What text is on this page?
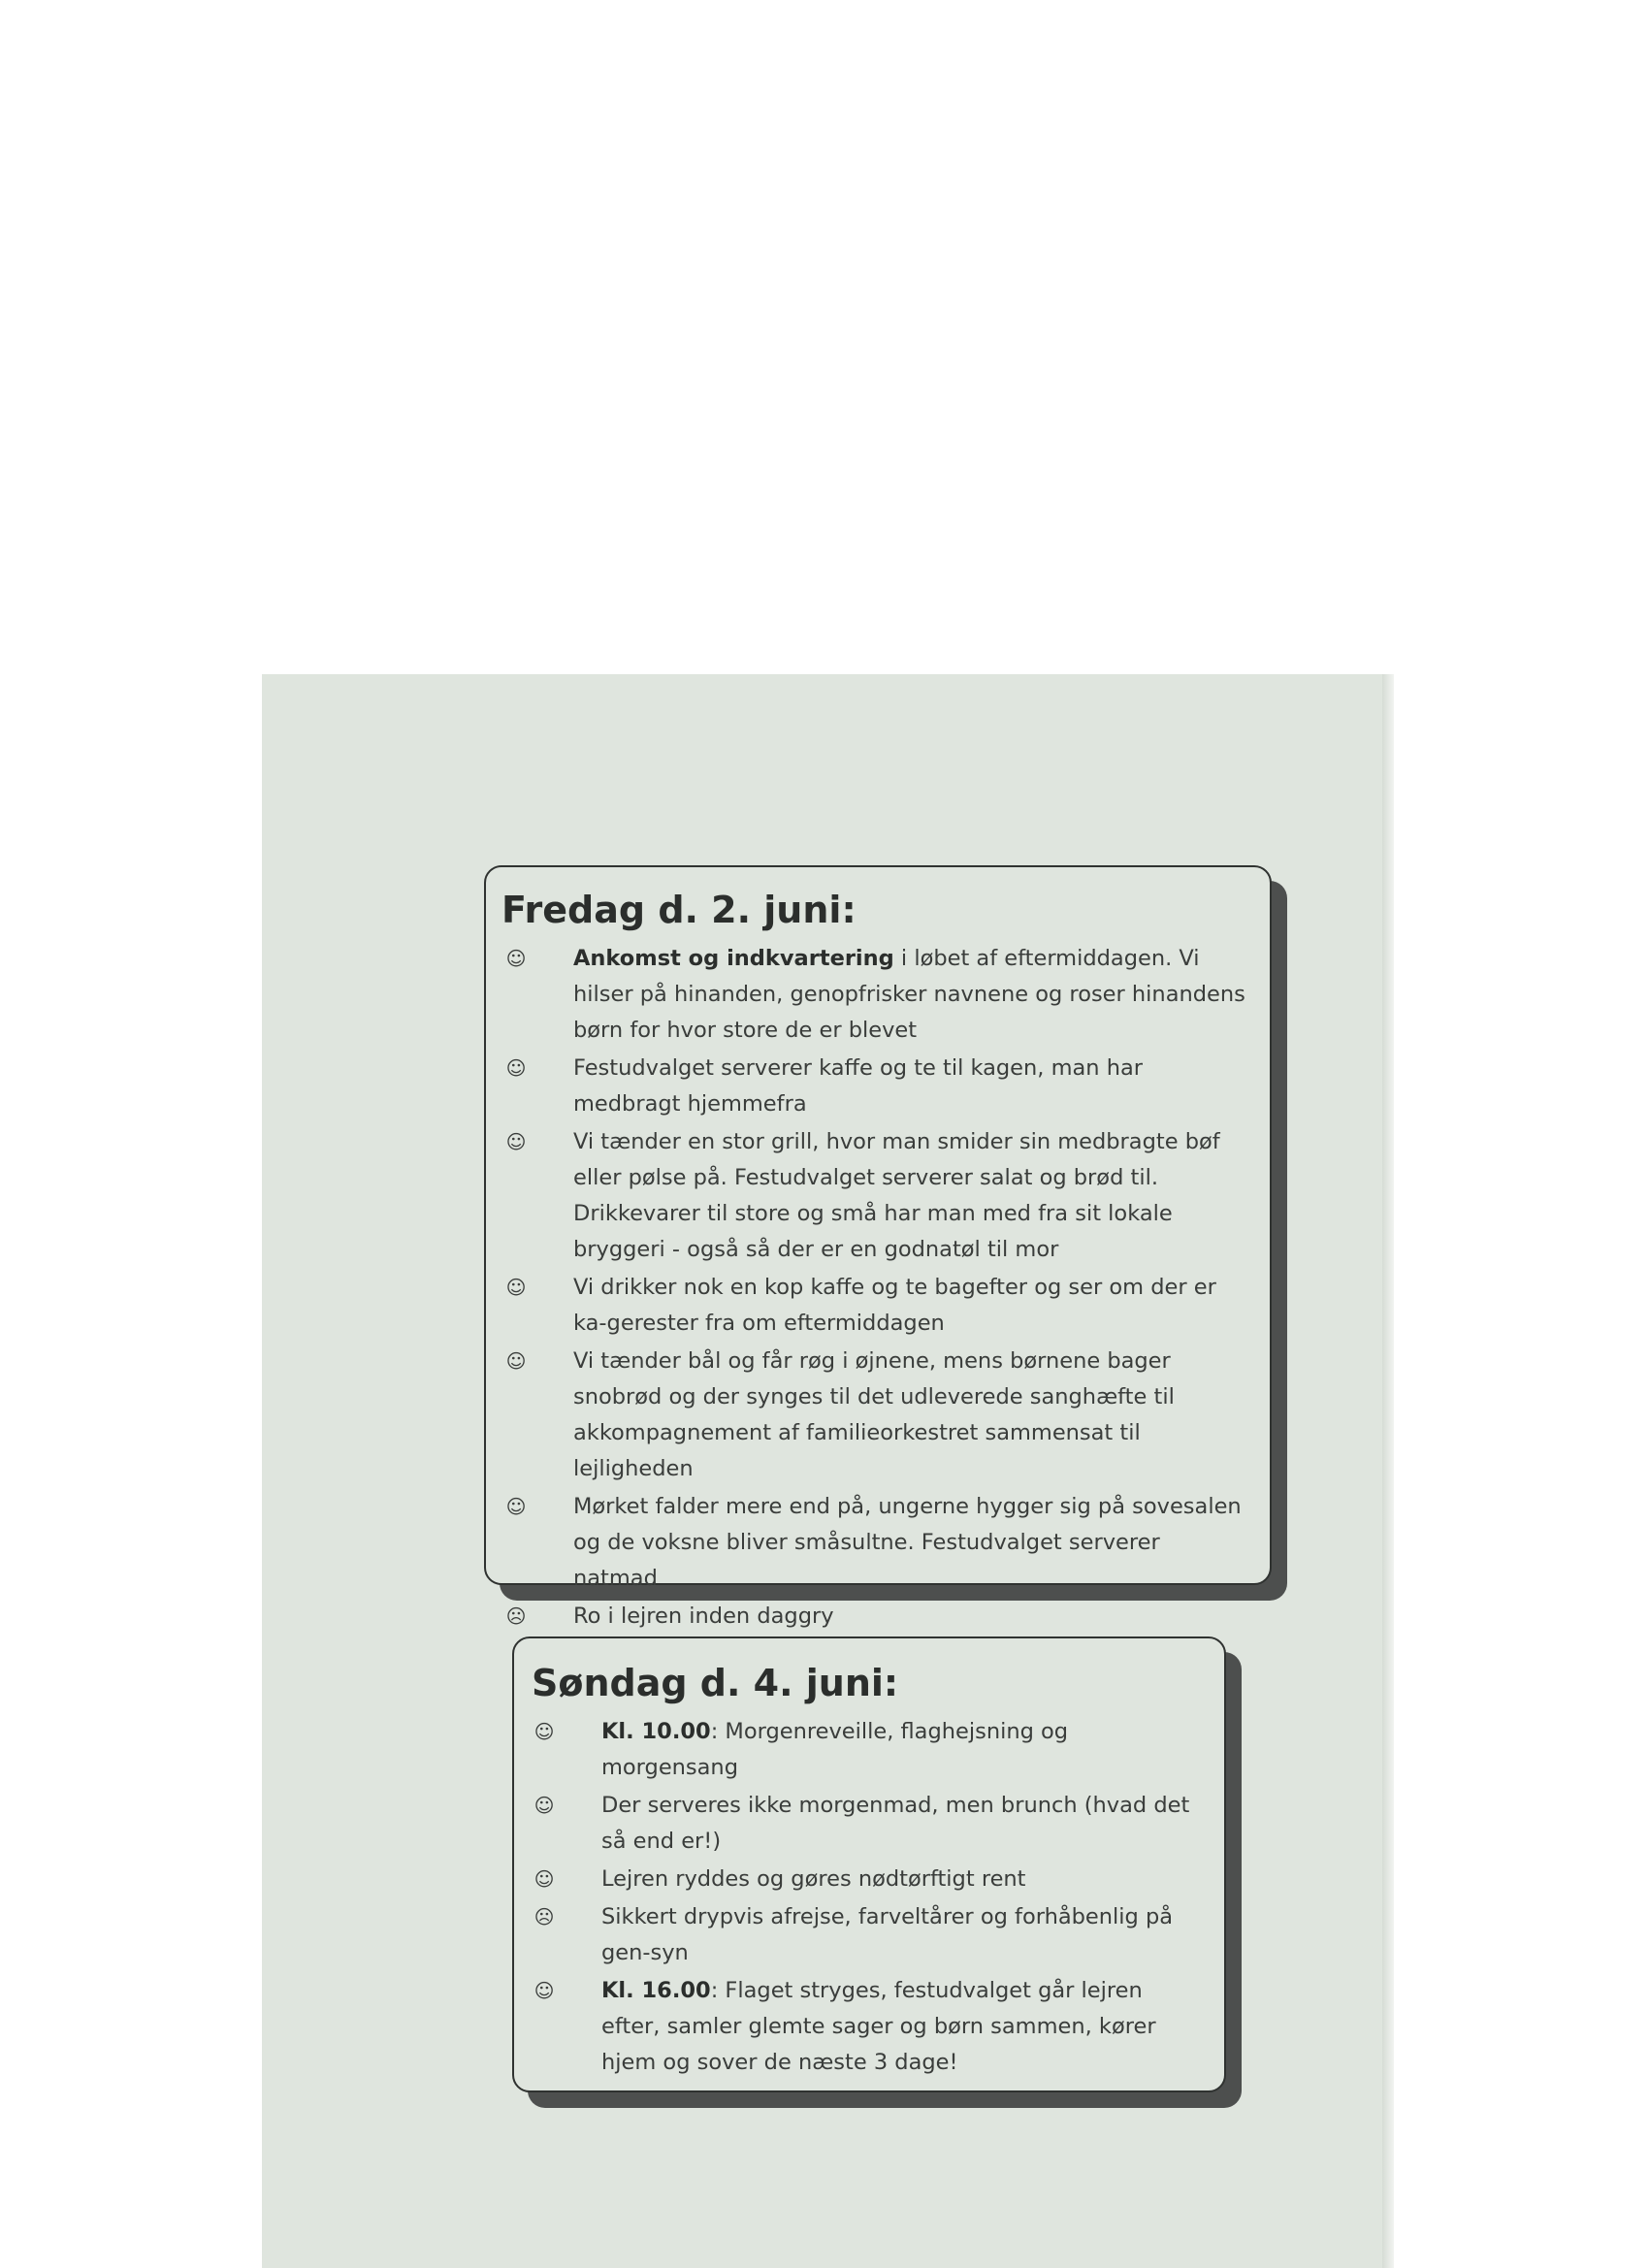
Fredag d. 2. juni:
☺ Ankomst og indkvartering i løbet af eftermiddagen. Vi hilser på hinanden, genopfrisker navnene og roser hinandens børn for hvor store de er blevet
☺ Festudvalget serverer kaffe og te til kagen, man har medbragt hjemmefra
☺ Vi tænder en stor grill, hvor man smider sin medbragte bøf eller pølse på. Festudvalget serverer salat og brød til. Drikkevarer til store og små har man med fra sit lokale bryggeri - også så der er en godnatøl til mor
☺ Vi drikker nok en kop kaffe og te bagefter og ser om der er ka-gerester fra om eftermiddagen
☺ Vi tænder bål og får røg i øjnene, mens børnene bager snobrød og der synges til det udleverede sanghæfte til akkompagnement af familieorkestret sammensat til lejligheden
☺ Mørket falder mere end på, ungerne hygger sig på sovesalen og de voksne bliver småsultne. Festudvalget serverer natmad
☹ Ro i lejren inden daggry
Søndag d. 4. juni:
☺ Kl. 10.00: Morgenreveille, flaghejsning og morgensang
☺ Der serveres ikke morgenmad, men brunch (hvad det så end er!)
☺ Lejren ryddes og gøres nødtørftigt rent
☹ Sikkert drypvis afrejse, farveltårer og forhåbenlig på gen-syn
☺ Kl. 16.00: Flaget stryges, festudvalget går lejren efter, samler glemte sager og børn sammen, kører hjem og sover de næste 3 dage!
